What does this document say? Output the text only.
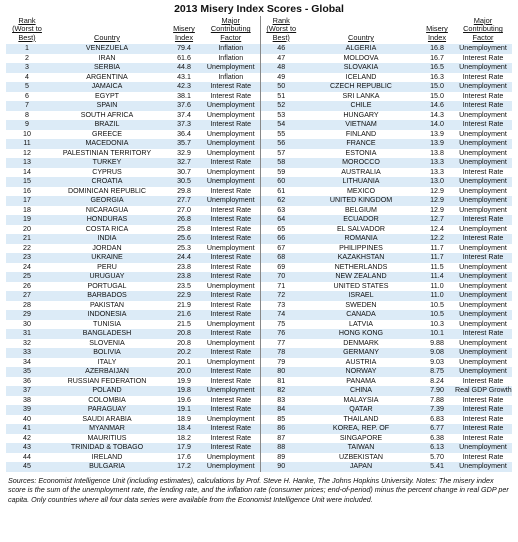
2013 Misery Index Scores - Global
Rank (Worst to Best)	Country	Misery Index	Major Contributing Factor	Rank (Worst to Best)	Country	Misery Index	Major Contributing Factor
1	VENEZUELA	79.4	Inflation	46	ALGERIA	16.8	Unemployment
2	IRAN	61.6	Inflation	47	MOLDOVA	16.7	Interest Rate
3	SERBIA	44.8	Unemployment	48	SLOVAKIA	16.5	Unemployment
4	ARGENTINA	43.1	Inflation	49	ICELAND	16.3	Interest Rate
5	JAMAICA	42.3	Interest Rate	50	CZECH REPUBLIC	15.0	Unemployment
6	EGYPT	38.1	Interest Rate	51	SRI LANKA	15.0	Interest Rate
7	SPAIN	37.6	Unemployment	52	CHILE	14.6	Interest Rate
8	SOUTH AFRICA	37.4	Unemployment	53	HUNGARY	14.3	Unemployment
9	BRAZIL	37.3	Interest Rate	54	VIETNAM	14.0	Interest Rate
10	GREECE	36.4	Unemployment	55	FINLAND	13.9	Unemployment
11	MACEDONIA	35.7	Unemployment	56	FRANCE	13.9	Unemployment
12	PALESTINIAN TERRITORY	32.9	Unemployment	57	ESTONIA	13.8	Unemployment
13	TURKEY	32.7	Interest Rate	58	MOROCCO	13.3	Unemployment
14	CYPRUS	30.7	Unemployment	59	AUSTRALIA	13.3	Interest Rate
15	CROATIA	30.5	Unemployment	60	LITHUANIA	13.0	Unemployment
16	DOMINICAN REPUBLIC	29.8	Interest Rate	61	MEXICO	12.9	Unemployment
17	GEORGIA	27.7	Unemployment	62	UNITED KINGDOM	12.9	Unemployment
18	NICARAGUA	27.0	Interest Rate	63	BELGIUM	12.9	Unemployment
19	HONDURAS	26.8	Interest Rate	64	ECUADOR	12.7	Interest Rate
20	COSTA RICA	25.8	Interest Rate	65	EL SALVADOR	12.4	Unemployment
21	INDIA	25.6	Interest Rate	66	ROMANIA	12.2	Interest Rate
22	JORDAN	25.3	Unemployment	67	PHILIPPINES	11.7	Unemployment
23	UKRAINE	24.4	Interest Rate	68	KAZAKHSTAN	11.7	Interest Rate
24	PERU	23.8	Interest Rate	69	NETHERLANDS	11.5	Unemployment
25	URUGUAY	23.8	Interest Rate	70	NEW ZEALAND	11.4	Unemployment
26	PORTUGAL	23.5	Unemployment	71	UNITED STATES	11.0	Unemployment
27	BARBADOS	22.9	Interest Rate	72	ISRAEL	11.0	Unemployment
28	PAKISTAN	21.9	Interest Rate	73	SWEDEN	10.5	Unemployment
29	INDONESIA	21.6	Interest Rate	74	CANADA	10.5	Unemployment
30	TUNISIA	21.5	Unemployment	75	LATVIA	10.3	Unemployment
31	BANGLADESH	20.8	Interest Rate	76	HONG KONG	10.1	Interest Rate
32	SLOVENIA	20.8	Unemployment	77	DENMARK	9.88	Unemployment
33	BOLIVIA	20.2	Interest Rate	78	GERMANY	9.08	Unemployment
34	ITALY	20.1	Unemployment	79	AUSTRIA	9.03	Unemployment
35	AZERBAIJAN	20.0	Interest Rate	80	NORWAY	8.75	Unemployment
36	RUSSIAN FEDERATION	19.9	Interest Rate	81	PANAMA	8.24	Interest Rate
37	POLAND	19.8	Unemployment	82	CHINA	7.90	Real GDP Growth
38	COLOMBIA	19.6	Interest Rate	83	MALAYSIA	7.88	Interest Rate
39	PARAGUAY	19.1	Interest Rate	84	QATAR	7.39	Interest Rate
40	SAUDI ARABIA	18.9	Unemployment	85	THAILAND	6.83	Interest Rate
41	MYANMAR	18.4	Interest Rate	86	KOREA, REP. OF	6.77	Interest Rate
42	MAURITIUS	18.2	Interest Rate	87	SINGAPORE	6.38	Interest Rate
43	TRINIDAD & TOBAGO	17.9	Interest Rate	88	TAIWAN	6.13	Unemployment
44	IRELAND	17.6	Unemployment	89	UZBEKISTAN	5.70	Interest Rate
45	BULGARIA	17.2	Unemployment	90	JAPAN	5.41	Unemployment
Sources: Economist Intelligence Unit (including estimates), calculations by Prof. Steve H. Hanke, The Johns Hopkins University. Notes: The misery index score is the sum of the unemployment rate, the lending rate, and the inflation rate (consumer prices; end-of-period) minus the percent change in real GDP per capita. Only countries where all four data series were available from the Economist Intelligence Unit were included.
